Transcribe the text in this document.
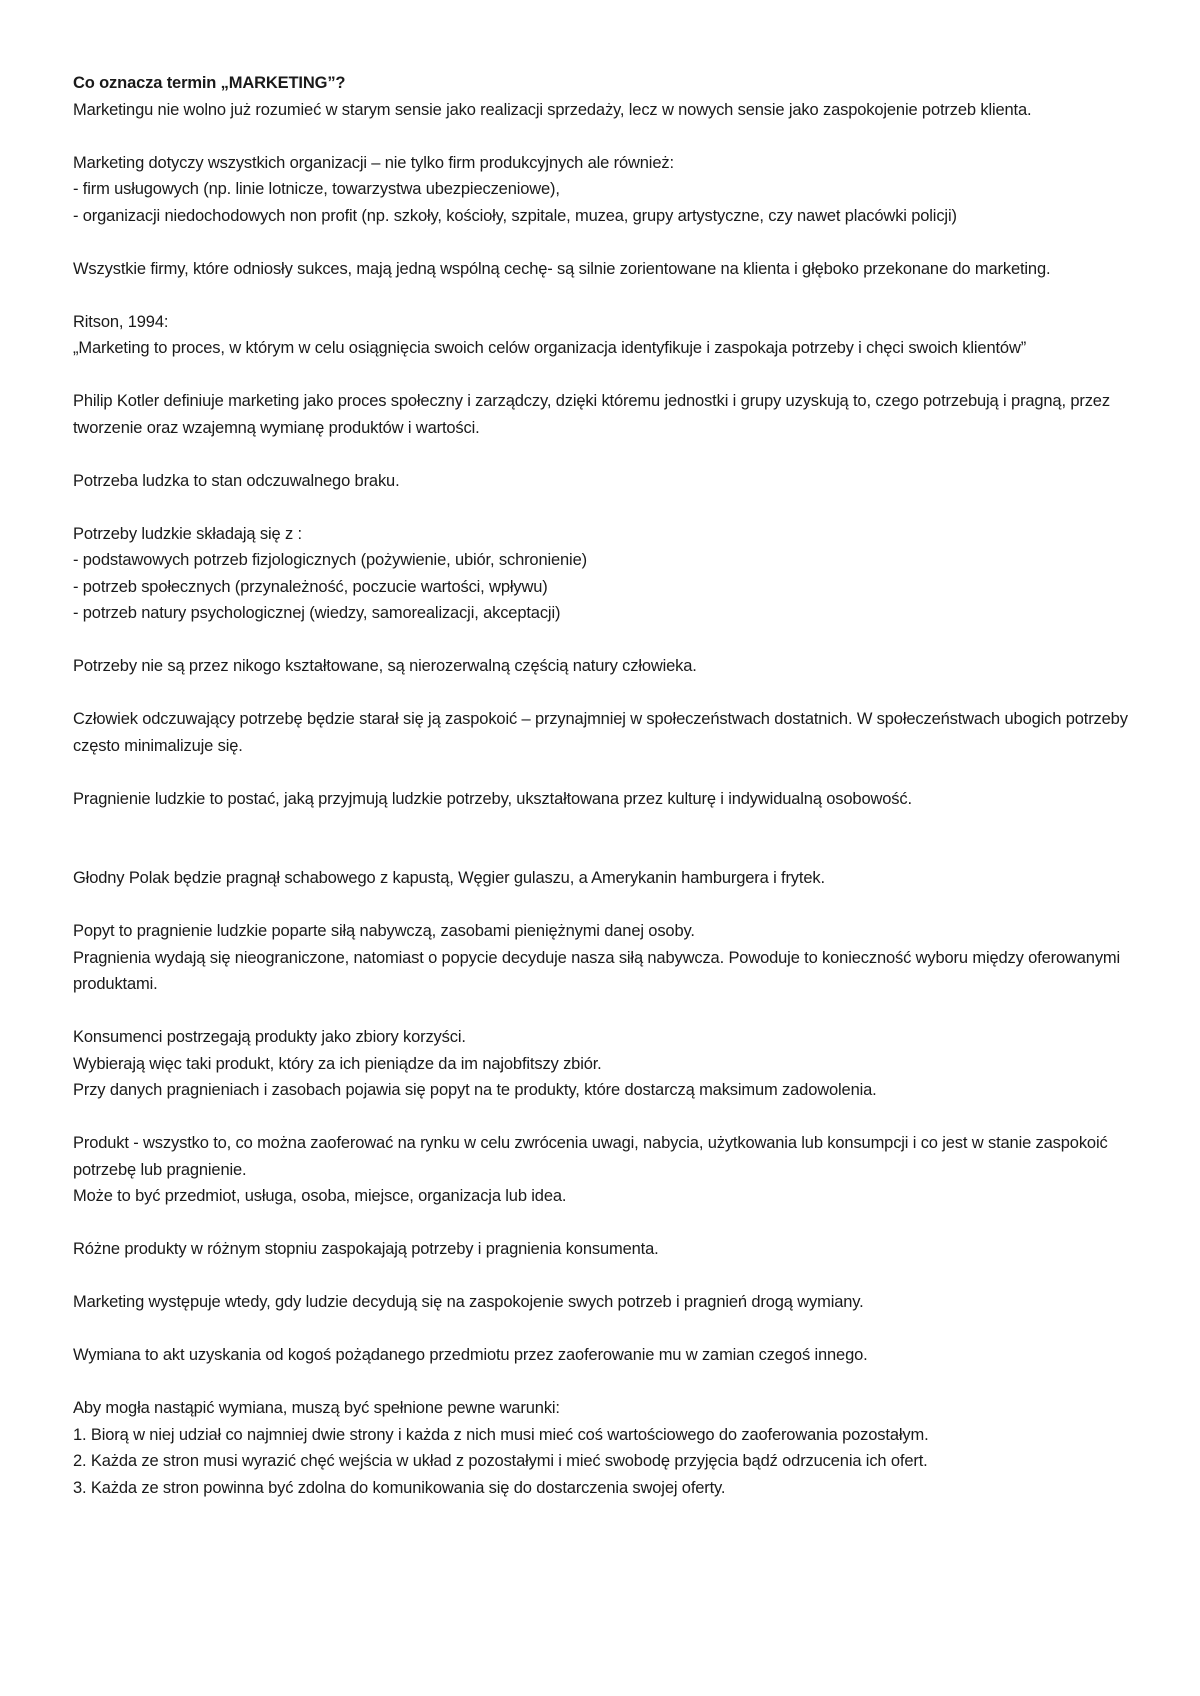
Co oznacza termin „MARKETING”?

Marketingu nie wolno już rozumieć w starym sensie jako realizacji sprzedaży, lecz w nowych sensie jako zaspokojenie potrzeb klienta.

Marketing dotyczy wszystkich organizacji – nie tylko firm produkcyjnych ale również:
- firm usługowych (np. linie lotnicze, towarzystwa ubezpieczeniowe),
- organizacji niedochodowych non profit (np. szkoły, kościoły, szpitale, muzea, grupy artystyczne, czy nawet placówki policji)

Wszystkie firmy, które odniosły sukces, mają jedną wspólną cechę- są silnie zorientowane na klienta i głęboko przekonane do marketing.

Ritson, 1994:
„Marketing to proces, w którym w celu osiągnięcia swoich celów organizacja identyfikuje i zaspokaja potrzeby i chęci swoich klientów”

Philip Kotler definiuje marketing jako proces społeczny i zarządczy, dzięki któremu jednostki i grupy uzyskują to, czego potrzebują i pragną, przez tworzenie oraz wzajemną wymianę produktów i wartości.

Potrzeba ludzka to stan odczuwalnego braku.

Potrzeby ludzkie składają się z :
- podstawowych potrzeb fizjologicznych (pożywienie, ubiór, schronienie)
- potrzeb społecznych (przynależność, poczucie wartości, wpływu)
- potrzeb natury psychologicznej (wiedzy, samorealizacji, akceptacji)

Potrzeby nie są przez nikogo kształtowane, są nierozerwalną częścią natury człowieka.

Człowiek odczuwający potrzebę będzie starał się ją zaspokoić – przynajmniej w społeczeństwach dostatnich. W społeczeństwach ubogich potrzeby często minimalizuje się.

Pragnienie ludzkie to postać, jaką przyjmują ludzkie potrzeby, ukształtowana przez kulturę i indywidualną osobowość.

Głodny Polak będzie pragnął schabowego z kapustą, Węgier gulaszu, a Amerykanin hamburgera i frytek.

Popyt to pragnienie ludzkie poparte siłą nabywczą, zasobami pieniężnymi danej osoby.
Pragnienia wydają się nieograniczone, natomiast o popycie decyduje nasza siłą nabywcza. Powoduje to konieczność wyboru między oferowanymi produktami.

Konsumenci postrzegają produkty jako zbiory korzyści.
Wybierają więc taki produkt, który za ich pieniądze da im najobfitszy zbiór.
Przy danych pragnieniach i zasobach pojawia się popyt na te produkty, które dostarczą maksimum zadowolenia.

Produkt - wszystko to, co można zaoferować na rynku w celu zwrócenia uwagi, nabycia, użytkowania lub konsumpcji i co jest w stanie zaspokoić potrzebę lub pragnienie.
Może to być przedmiot, usługa, osoba, miejsce, organizacja lub idea.

Różne produkty w różnym stopniu zaspokajają potrzeby i pragnienia konsumenta.

Marketing występuje wtedy, gdy ludzie decydują się na zaspokojenie swych potrzeb i pragnień drogą wymiany.

Wymiana to akt uzyskania od kogoś pożądanego przedmiotu przez zaoferowanie mu w zamian czegoś innego.

Aby mogła nastąpić wymiana, muszą być spełnione pewne warunki:
1. Biorą w niej udział co najmniej dwie strony i każda z nich musi mieć coś wartościowego do zaoferowania pozostałym.
2. Każda ze stron musi wyrazić chęć wejścia w układ z pozostałymi i mieć swobodę przyjęcia bądź odrzucenia ich ofert.
3. Każda ze stron powinna być zdolna do komunikowania się do dostarczenia swojej oferty.
